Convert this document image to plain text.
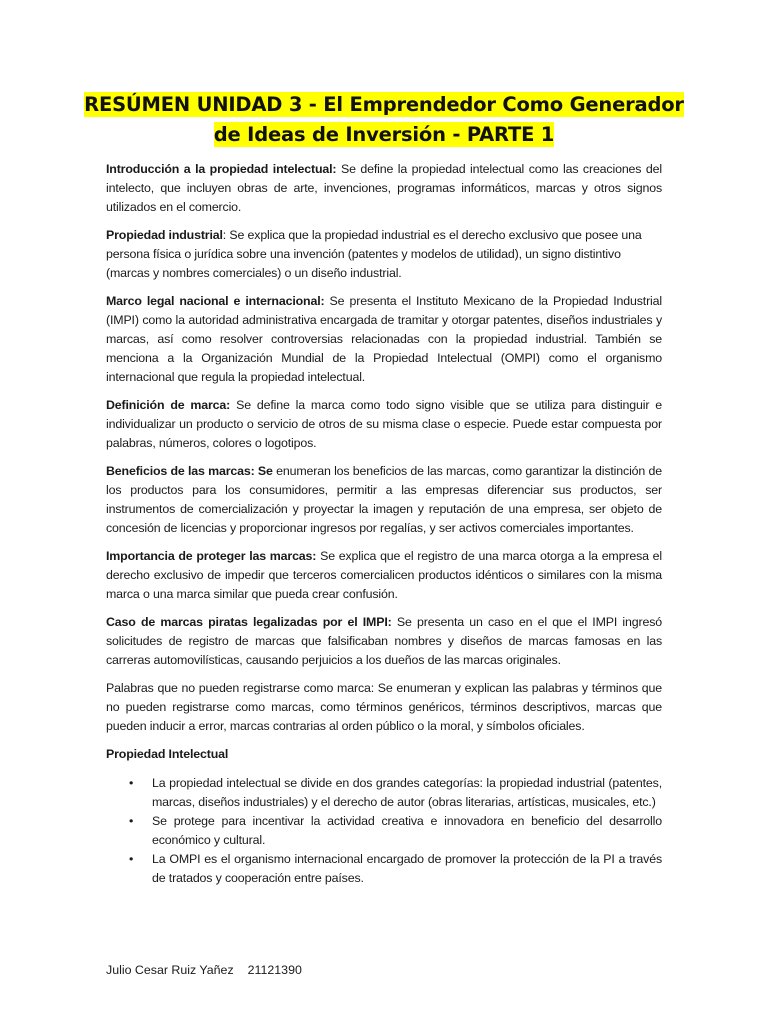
RESÚMEN UNIDAD 3 - El Emprendedor Como Generador
de Ideas de Inversión - PARTE 1

Introducción a la propiedad intelectual: Se define la propiedad intelectual como las creaciones del intelecto, que incluyen obras de arte, invenciones, programas informáticos, marcas y otros signos utilizados en el comercio.

Propiedad industrial: Se explica que la propiedad industrial es el derecho exclusivo que posee una persona física o jurídica sobre una invención (patentes y modelos de utilidad), un signo distintivo (marcas y nombres comerciales) o un diseño industrial.

Marco legal nacional e internacional: Se presenta el Instituto Mexicano de la Propiedad Industrial (IMPI) como la autoridad administrativa encargada de tramitar y otorgar patentes, diseños industriales y marcas, así como resolver controversias relacionadas con la propiedad industrial. También se menciona a la Organización Mundial de la Propiedad Intelectual (OMPI) como el organismo internacional que regula la propiedad intelectual.

Definición de marca: Se define la marca como todo signo visible que se utiliza para distinguir e individualizar un producto o servicio de otros de su misma clase o especie. Puede estar compuesta por palabras, números, colores o logotipos.

Beneficios de las marcas: Se enumeran los beneficios de las marcas, como garantizar la distinción de los productos para los consumidores, permitir a las empresas diferenciar sus productos, ser instrumentos de comercialización y proyectar la imagen y reputación de una empresa, ser objeto de concesión de licencias y proporcionar ingresos por regalías, y ser activos comerciales importantes.

Importancia de proteger las marcas: Se explica que el registro de una marca otorga a la empresa el derecho exclusivo de impedir que terceros comercialicen productos idénticos o similares con la misma marca o una marca similar que pueda crear confusión.

Caso de marcas piratas legalizadas por el IMPI: Se presenta un caso en el que el IMPI ingresó solicitudes de registro de marcas que falsificaban nombres y diseños de marcas famosas en las carreras automovilísticas, causando perjuicios a los dueños de las marcas originales.

Palabras que no pueden registrarse como marca: Se enumeran y explican las palabras y términos que no pueden registrarse como marcas, como términos genéricos, términos descriptivos, marcas que pueden inducir a error, marcas contrarias al orden público o la moral, y símbolos oficiales.

Propiedad Intelectual
• La propiedad intelectual se divide en dos grandes categorías: la propiedad industrial (patentes, marcas, diseños industriales) y el derecho de autor (obras literarias, artísticas, musicales, etc.)
• Se protege para incentivar la actividad creativa e innovadora en beneficio del desarrollo económico y cultural.
• La OMPI es el organismo internacional encargado de promover la protección de la PI a través de tratados y cooperación entre países.
Julio Cesar Ruiz Yañez 21121390
